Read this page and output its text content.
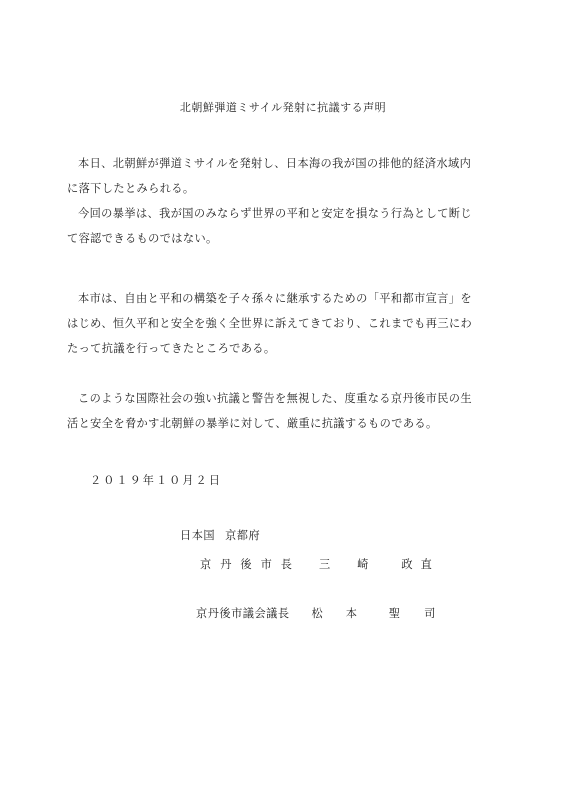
北朝鮮弾道ミサイル発射に抗議する声明

本日、北朝鮮が弾道ミサイルを発射し、日本海の我が国の排他的経済水域内
に落下したとみられる。

今回の暴挙は、我が国のみならず世界の平和と安定を損なう行為として断じ
て容認できるものではない。

本市は、自由と平和の構築を子々孫々に継承するための「平和都市宣言」を
はじめ、恒久平和と安全を強く全世界に訴えてきており、これまでも再三にわ
たって抗議を行ってきたところである。

このような国際社会の強い抗議と警告を無視した、度重なる京丹後市民の生
活と安全を脅かす北朝鮮の暴挙に対して、厳重に抗議するものである。

２０１９年１０月２日
日本国 京都府
京丹後市長 三 崎	政 直
京丹後市議会議長 松 本	聖 司
